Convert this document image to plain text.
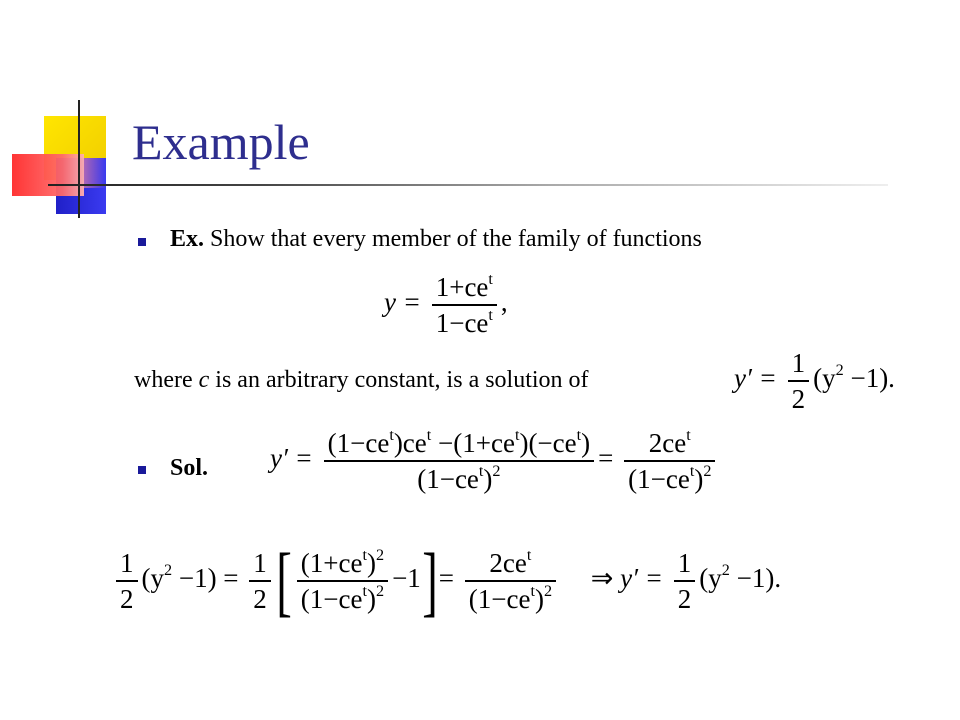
Example
Ex. Show that every member of the family of functions
$y = \frac{1+ce^t}{1-ce^t}$ ,
where c is an arbitrary constant, is a solution of	$y' = \frac{1}{2} (y^2 -1)$.
Sol. $y' = \frac{(1-ce^t)ce^t -(1+ce^t)(-ce^t)}{(1-ce^t)^2} = \frac{2ce^t}{(1-ce^t)^2}$
$\frac{1}{2} (y^2 -1) = \frac{1}{2}$ [ $\frac{(1+ce^t)^2}{(1-ce^t)^2} -1]= \frac{2ce^t}{(1-ce^t)^2}$ ⇒ $y' = \frac{1}{2} (y^2 -1)$.
